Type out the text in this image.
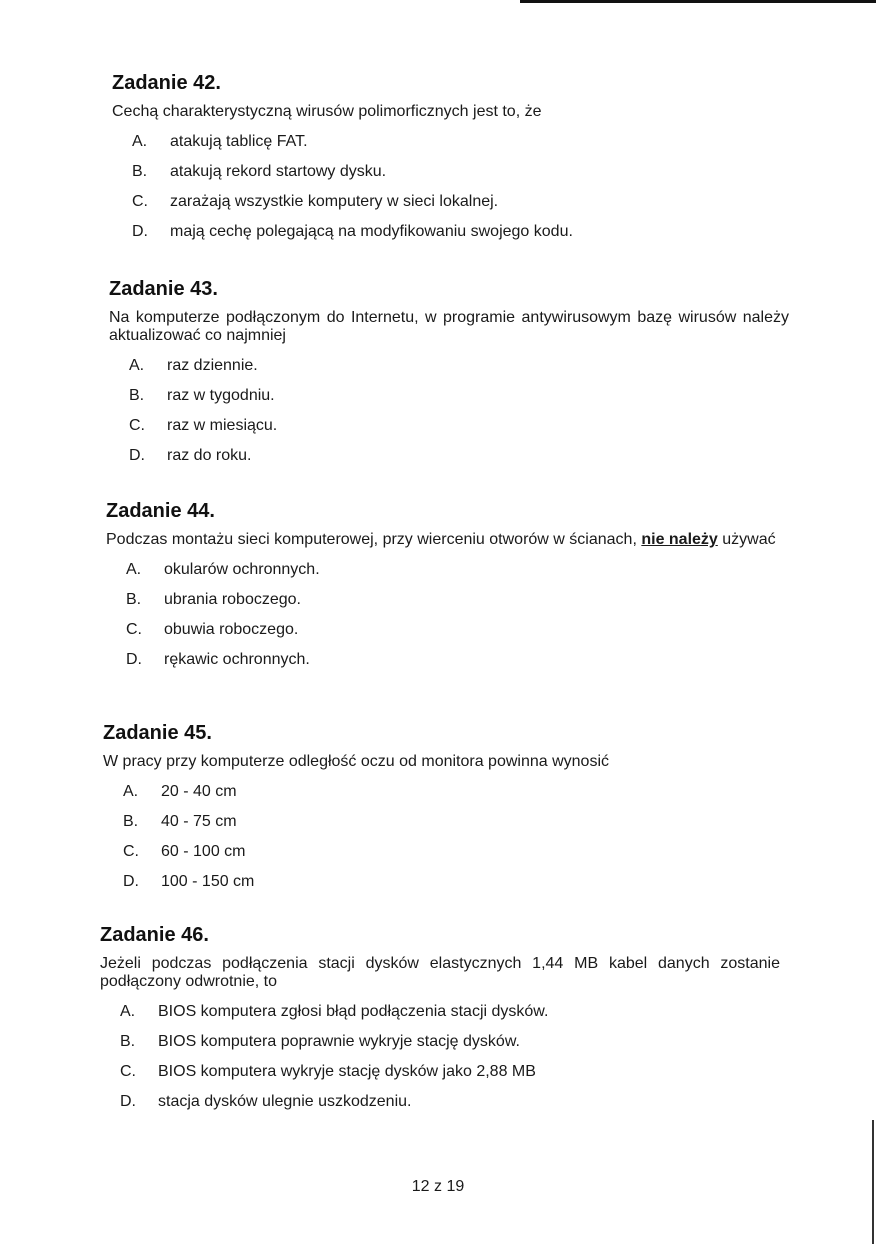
Zadanie 42.

Cechą charakterystyczną wirusów polimorficznych jest to, że

A.	atakują tablicę FAT.
B.	atakują rekord startowy dysku.
C.	zarażają wszystkie komputery w sieci lokalnej.
D.	mają cechę polegającą na modyfikowaniu swojego kodu.
Zadanie 43.

Na komputerze podłączonym do Internetu, w programie antywirusowym bazę wirusów należy aktualizować co najmniej

A.	raz dziennie.
B.	raz w tygodniu.
C.	raz w miesiącu.
D.	raz do roku.
Zadanie 44.

Podczas montażu sieci komputerowej, przy wierceniu otworów w ścianach, nie należy używać

A.	okularów ochronnych.
B.	ubrania roboczego.
C.	obuwia roboczego.
D.	rękawic ochronnych.
Zadanie 45.

W pracy przy komputerze odległość oczu od monitora powinna wynosić

A.	20 - 40 cm
B.	40 - 75 cm
C.	60 - 100 cm
D.	100 - 150 cm
Zadanie 46.

Jeżeli podczas podłączenia stacji dysków elastycznych 1,44 MB kabel danych zostanie podłączony odwrotnie, to

A.	BIOS komputera zgłosi błąd podłączenia stacji dysków.
B.	BIOS komputera poprawnie wykryje stację dysków.
C.	BIOS komputera wykryje stację dysków jako 2,88 MB
D.	stacja dysków ulegnie uszkodzeniu.
12 z 19
